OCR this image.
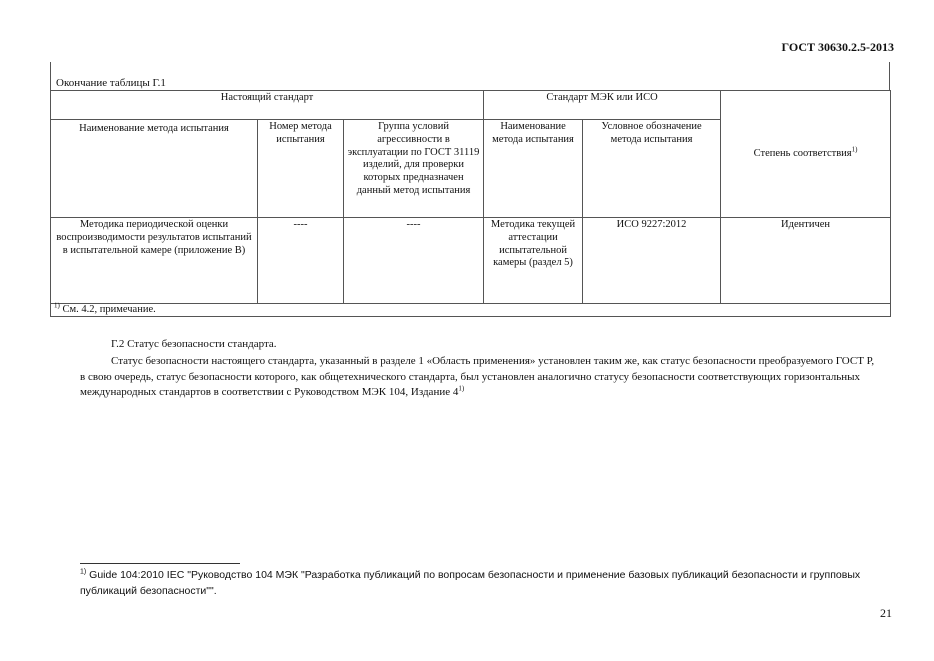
ГОСТ 30630.2.5-2013
Окончание таблицы Г.1
Настоящий стандарт			Стандарт МЭК или ИСО		Степень соответствия$^{1)}$
Наименование метода испытания	Номер метода испытания	Группа условий агрессивности в эксплуатации по ГОСТ 31119 изделий, для проверки которых предназначен данный метод испытания	Наименование метода испытания	Условное обозначение метода испытания	
Методика периодической оценки воспроизводимости результатов испытаний в испытательной камере (приложение В)	----	----	Методика текущей аттестации испытательной камеры (раздел 5)	ИСО 9227:2012	Идентичен
$^{1)}$ См. 4.2, примечание.					
Г.2 Статус безопасности стандарта.
Статус безопасности настоящего стандарта, указанный в разделе 1 «Область применения» установлен таким же, как статус безопасности преобразуемого ГОСТ Р, в свою очередь, статус безопасности которого, как общетехнического стандарта, был установлен аналогично статусу безопасности соответствующих горизонтальных международных стандартов в соответствии с Руководством МЭК 104, Издание 4$^{1)}$
$^{1)}$ Guide 104:2010 IEC "Руководство 104 МЭК "Разработка публикаций по вопросам безопасности и применение базовых публикаций безопасности и групповых публикаций безопасности"".
21
